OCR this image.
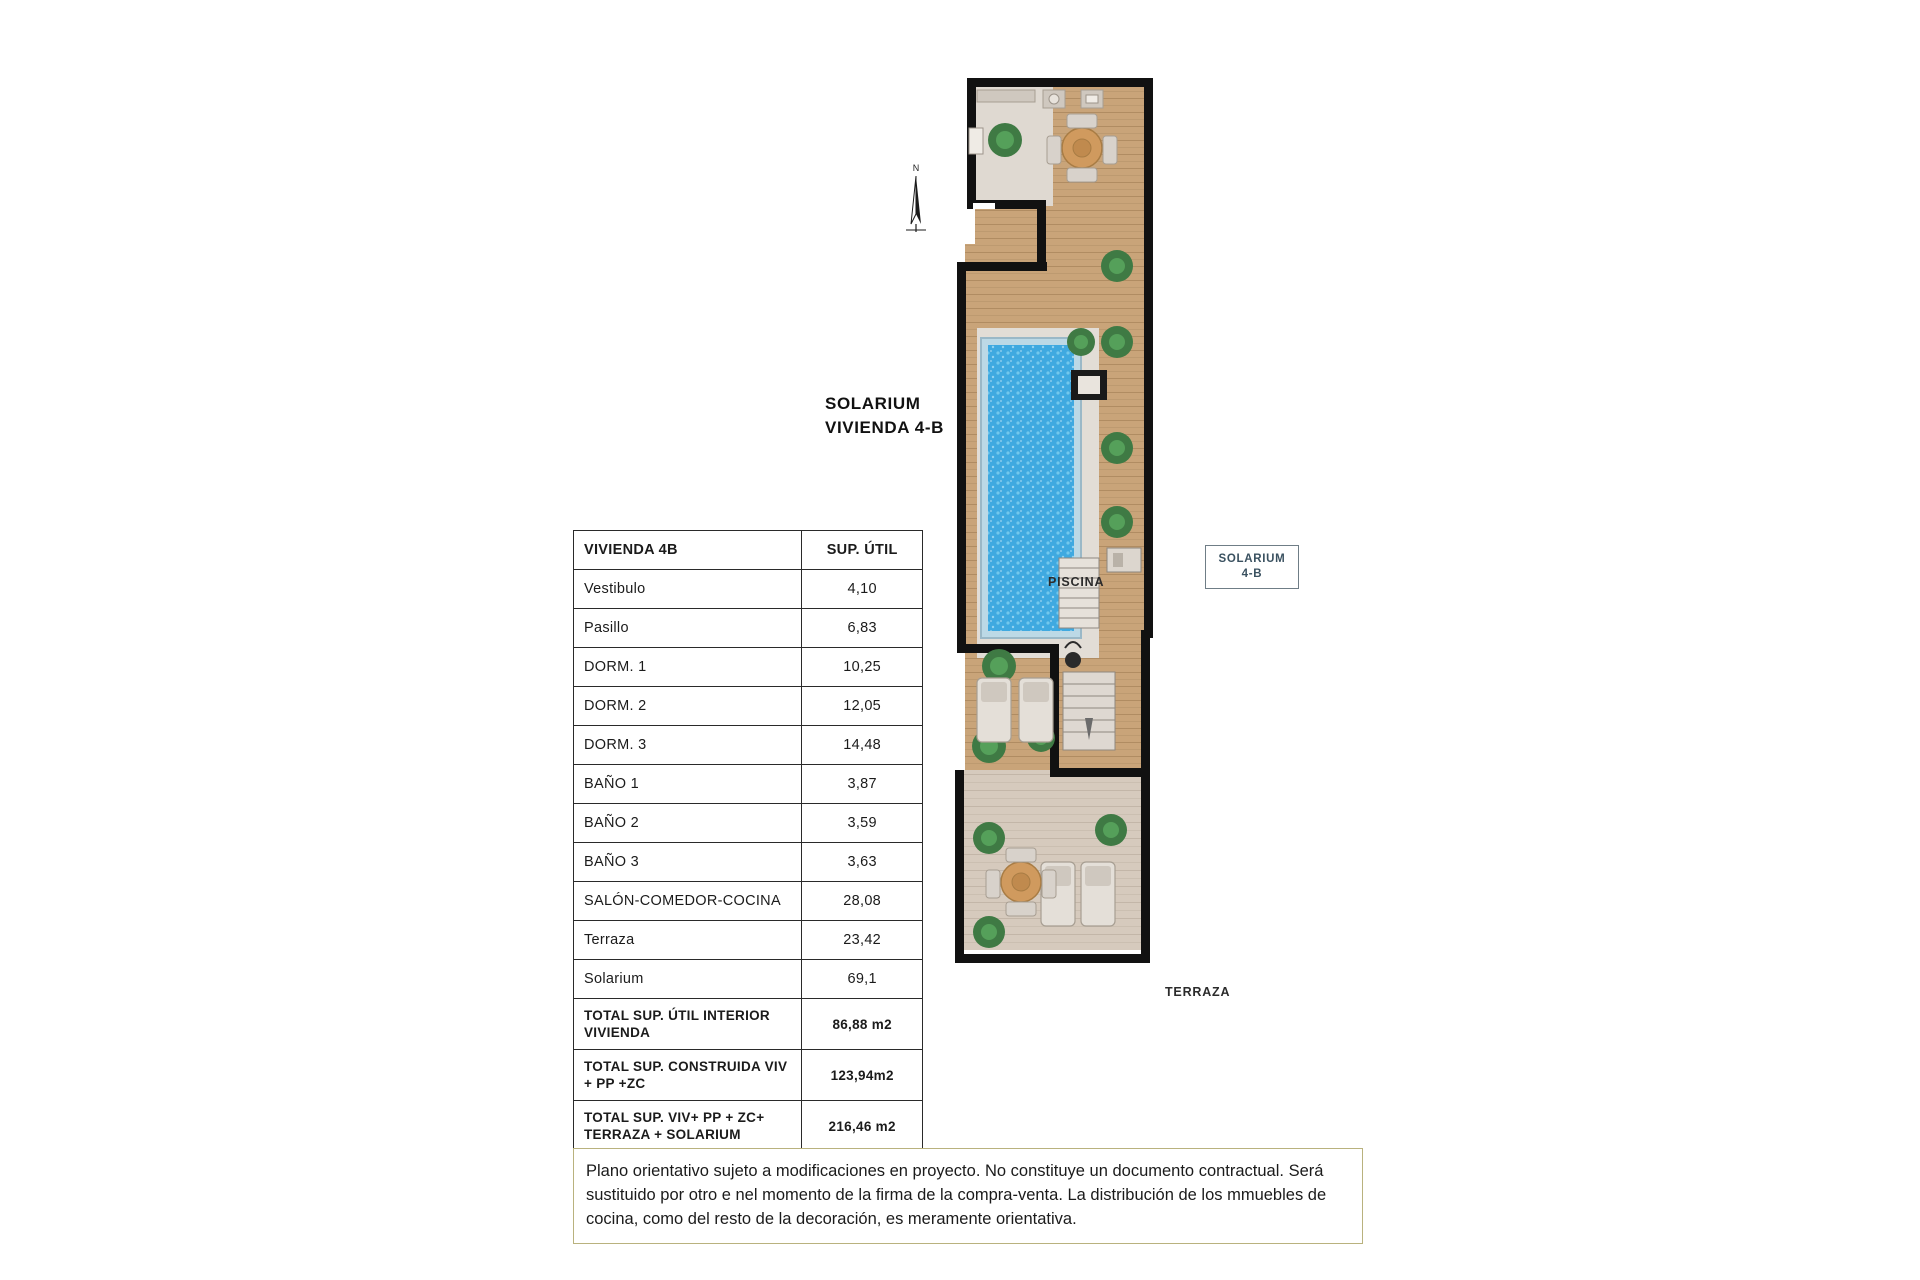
N
SOLARIUM
VIVIENDA 4-B
VIVIENDA 4B	SUP. ÚTIL
Vestibulo	4,10
Pasillo	6,83
DORM. 1	10,25
DORM. 2	12,05
DORM. 3	14,48
BAÑO 1	3,87
BAÑO 2	3,59
BAÑO 3	3,63
SALÓN-COMEDOR-COCINA	28,08
Terraza	23,42
Solarium	69,1
TOTAL SUP. ÚTIL INTERIOR VIVIENDA	86,88 m2
TOTAL SUP. CONSTRUIDA VIV + PP +ZC	123,94m2
TOTAL SUP. VIV+ PP + ZC+ TERRAZA + SOLARIUM	216,46 m2
PISCINA
TERRAZA
SOLARIUM
4-B
Plano orientativo sujeto a modificaciones en proyecto. No constituye un documento contractual. Será sustituido por otro e nel momento de la firma de la compra-venta. La distribución de los mmuebles de cocina, como del resto de la decoración, es meramente orientativa.
